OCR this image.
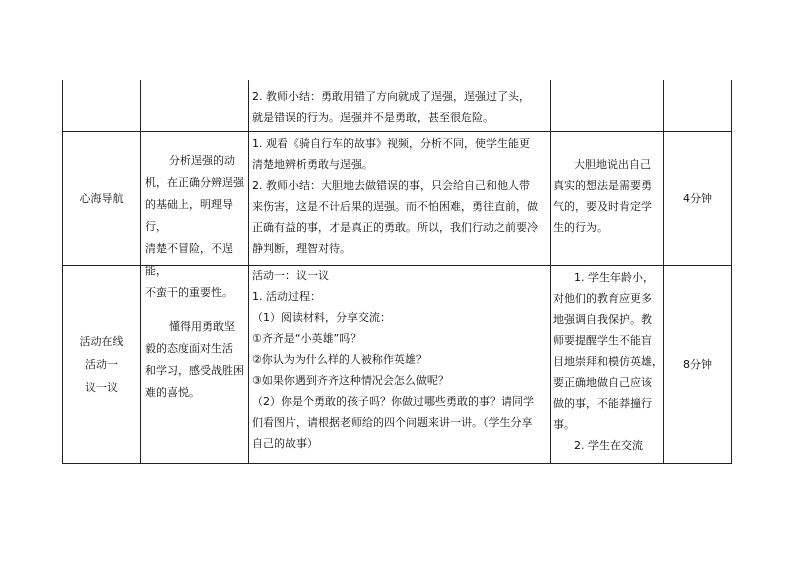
2. 教师小结：勇敢用错了方向就成了逞强，逞强过了头，

就是错误的行为。逞强并不是勇敢，甚至很危险。

心海导航

分析逞强的动

机，在正确分辨逞强

的基础上，明理导行，

清楚不冒险，不逞能，

不蛮干的重要性。

1. 观看《骑自行车的故事》视频，分析不同，使学生能更

清楚地辨析勇敢与逞强。

2. 教师小结：大胆地去做错误的事，只会给自己和他人带

来伤害，这是不计后果的逞强。而不怕困难，勇往直前，做

正确有益的事，才是真正的勇敢。所以，我们行动之前要冷

静判断，理智对待。

大胆地说出自己

真实的想法是需要勇

气的，要及时肯定学

生的行为。

4分钟

活动在线

活动一

议一议

懂得用勇敢坚

毅的态度面对生活

和学习，感受战胜困

难的喜悦。

活动一：议一议

1. 活动过程：

（1）阅读材料，分享交流：

①齐齐是“小英雄”吗？

②你认为为什么样的人被称作英雄？

③如果你遇到齐齐这种情况会怎么做呢？

（2）你是个勇敢的孩子吗？你做过哪些勇敢的事？请同学

们看图片，请根据老师给的四个问题来讲一讲。（学生分享

自己的故事）

1. 学生年龄小，

对他们的教育应更多

地强调自我保护。教

师要提醒学生不能盲

目地崇拜和模仿英雄，

要正确地做自己应该

做的事，不能莽撞行

事。

2. 学生在交流

8分钟
